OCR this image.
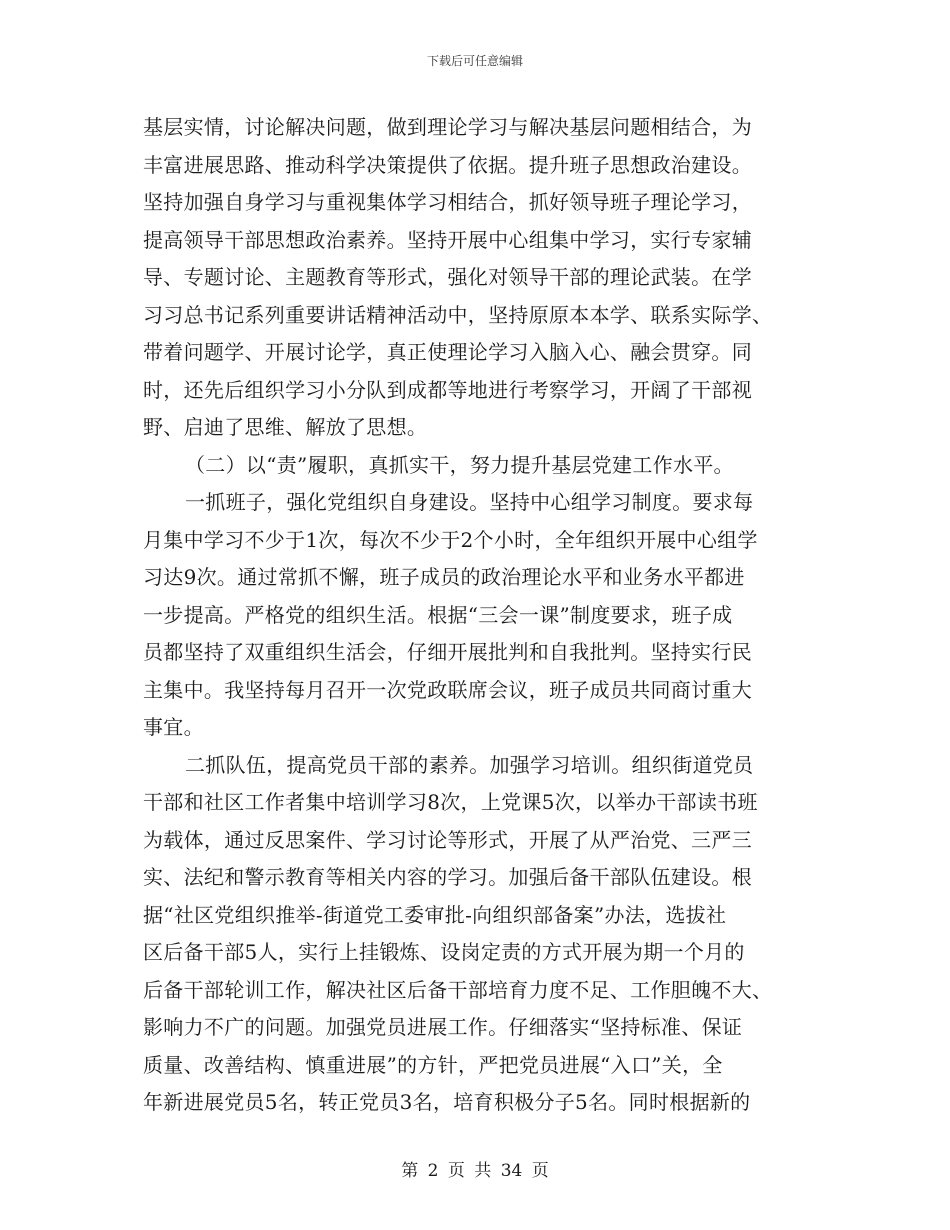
下载后可任意编辑
基层实情，讨论解决问题，做到理论学习与解决基层问题相结合，为
丰富进展思路、推动科学决策提供了依据。提升班子思想政治建设。
坚持加强自身学习与重视集体学习相结合，抓好领导班子理论学习，
提高领导干部思想政治素养。坚持开展中心组集中学习，实行专家辅
导、专题讨论、主题教育等形式，强化对领导干部的理论武装。在学
习习总书记系列重要讲话精神活动中，坚持原原本本学、联系实际学、
带着问题学、开展讨论学，真正使理论学习入脑入心、融会贯穿。同
时，还先后组织学习小分队到成都等地进行考察学习，开阔了干部视
野、启迪了思维、解放了思想。
（二）以“责”履职，真抓实干，努力提升基层党建工作水平。
一抓班子，强化党组织自身建设。坚持中心组学习制度。要求每
月集中学习不少于1次，每次不少于2个小时，全年组织开展中心组学
习达9次。通过常抓不懈，班子成员的政治理论水平和业务水平都进
一步提高。严格党的组织生活。根据“三会一课”制度要求，班子成
员都坚持了双重组织生活会，仔细开展批判和自我批判。坚持实行民
主集中。我坚持每月召开一次党政联席会议，班子成员共同商讨重大
事宜。
二抓队伍，提高党员干部的素养。加强学习培训。组织街道党员
干部和社区工作者集中培训学习8次，上党课5次，以举办干部读书班
为载体，通过反思案件、学习讨论等形式，开展了从严治党、三严三
实、法纪和警示教育等相关内容的学习。加强后备干部队伍建设。根
据“社区党组织推举-街道党工委审批-向组织部备案”办法，选拔社
区后备干部5人，实行上挂锻炼、设岗定责的方式开展为期一个月的
后备干部轮训工作，解决社区后备干部培育力度不足、工作胆魄不大、
影响力不广的问题。加强党员进展工作。仔细落实“坚持标准、保证
质量、改善结构、慎重进展”的方针，严把党员进展“入口”关，全
年新进展党员5名，转正党员3名，培育积极分子5名。同时根据新的
第 2 页 共 34 页
